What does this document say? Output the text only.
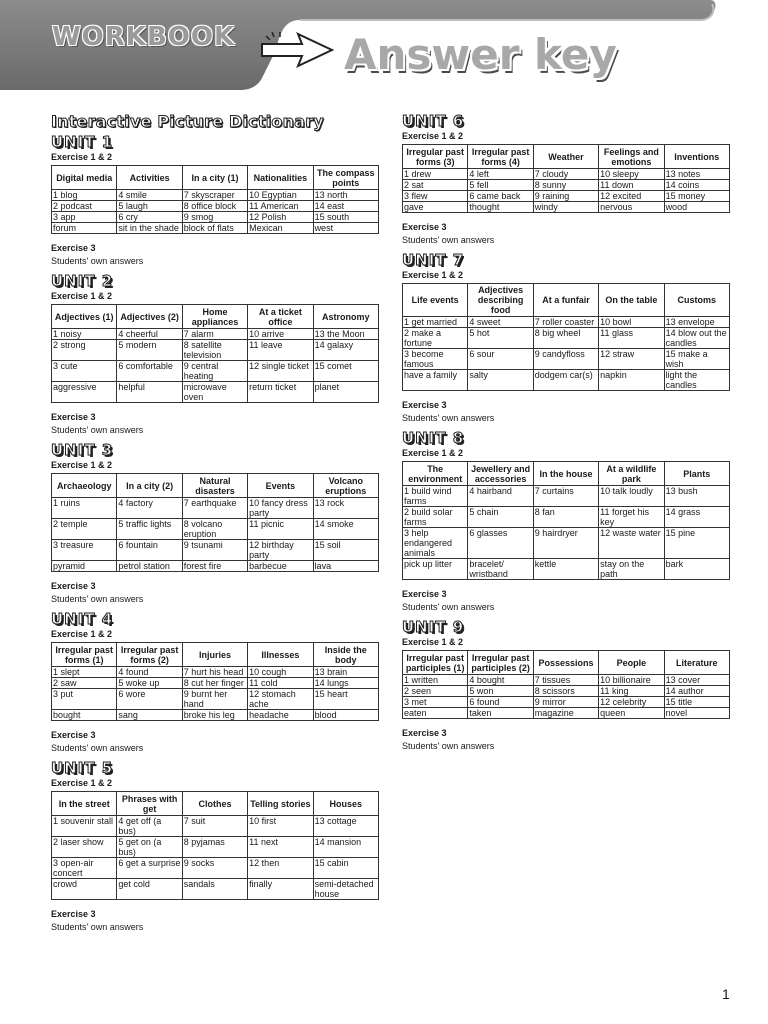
WORKBOOK	Answer key
Interactive Picture Dictionary
UNIT 1
Exercise 1 & 2
Digital media	Activities	In a city (1)	Nationalities	The compass points
1 blog	4 smile	7 skyscraper	10 Egyptian	13 north
2 podcast	5 laugh	8 office block	11 American	14 east
3 app	6 cry	9 smog	12 Polish	15 south
forum	sit in the shade	block of flats	Mexican	west
Exercise 3
Students' own answers
UNIT 2
Exercise 1 & 2
Adjectives (1)	Adjectives (2)	Home appliances	At a ticket office	Astronomy
1 noisy	4 cheerful	7 alarm	10 arrive	13 the Moon
2 strong	5 modern	8 satellite television	11 leave	14 galaxy
3 cute	6 comfortable	9 central heating	12 single ticket	15 comet
aggressive	helpful	microwave oven	return ticket	planet
Exercise 3
Students' own answers
UNIT 3
Exercise 1 & 2
Archaeology	In a city (2)	Natural disasters	Events	Volcano eruptions
1 ruins	4 factory	7 earthquake	10 fancy dress party	13 rock
2 temple	5 traffic lights	8 volcano eruption	11 picnic	14 smoke
3 treasure	6 fountain	9 tsunami	12 birthday party	15 soil
pyramid	petrol station	forest fire	barbecue	lava
Exercise 3
Students' own answers
UNIT 4
Exercise 1 & 2
Irregular past forms (1)	Irregular past forms (2)	Injuries	Illnesses	Inside the body
1 slept	4 found	7 hurt his head	10 cough	13 brain
2 saw	5 woke up	8 cut her finger	11 cold	14 lungs
3 put	6 wore	9 burnt her hand	12 stomach ache	15 heart
bought	sang	broke his leg	headache	blood
Exercise 3
Students' own answers
UNIT 5
Exercise 1 & 2
In the street	Phrases with get	Clothes	Telling stories	Houses
1 souvenir stall	4 get off (a bus)	7 suit	10 first	13 cottage
2 laser show	5 get on (a bus)	8 pyjamas	11 next	14 mansion
3 open-air concert	6 get a surprise	9 socks	12 then	15 cabin
crowd	get cold	sandals	finally	semi-detached house
Exercise 3
Students' own answers
UNIT 6
Exercise 1 & 2
Irregular past forms (3)	Irregular past forms (4)	Weather	Feelings and emotions	Inventions
1 drew	4 left	7 cloudy	10 sleepy	13 notes
2 sat	5 fell	8 sunny	11 down	14 coins
3 flew	6 came back	9 raining	12 excited	15 money
gave	thought	windy	nervous	wood
Exercise 3
Students' own answers
UNIT 7
Exercise 1 & 2
Life events	Adjectives describing food	At a funfair	On the table	Customs
1 get married	4 sweet	7 roller coaster	10 bowl	13 envelope
2 make a fortune	5 hot	8 big wheel	11 glass	14 blow out the candles
3 become famous	6 sour	9 candyfloss	12 straw	15 make a wish
have a family	salty	dodgem car(s)	napkin	light the candles
Exercise 3
Students' own answers
UNIT 8
Exercise 1 & 2
The environment	Jewellery and accessories	In the house	At a wildlife park	Plants
1 build wind farms	4 hairband	7 curtains	10 talk loudly	13 bush
2 build solar farms	5 chain	8 fan	11 forget his key	14 grass
3 help endangered animals	6 glasses	9 hairdryer	12 waste water	15 pine
pick up litter	bracelet/ wristband	kettle	stay on the path	bark
Exercise 3
Students' own answers
UNIT 9
Exercise 1 & 2
Irregular past participles (1)	Irregular past participles (2)	Possessions	People	Literature
1 written	4 bought	7 tissues	10 billionaire	13 cover
2 seen	5 won	8 scissors	11 king	14 author
3 met	6 found	9 mirror	12 celebrity	15 title
eaten	taken	magazine	queen	novel
Exercise 3
Students' own answers
1
